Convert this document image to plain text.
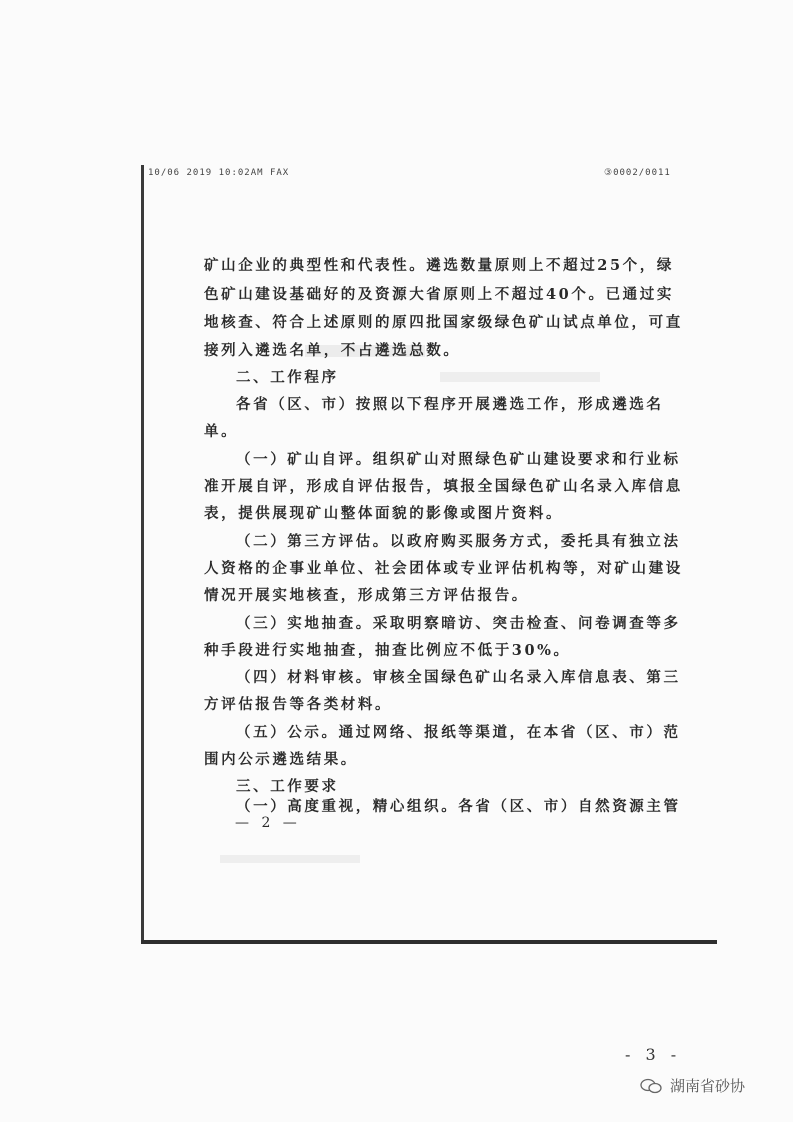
10/06 2019 10:02AM FAX	③0002/0011
矿山企业的典型性和代表性。遴选数量原则上不超过25个，绿
色矿山建设基础好的及资源大省原则上不超过40个。已通过实
地核查、符合上述原则的原四批国家级绿色矿山试点单位，可直
接列入遴选名单，不占遴选总数。
二、工作程序
各省（区、市）按照以下程序开展遴选工作，形成遴选名
单。
（一）矿山自评。组织矿山对照绿色矿山建设要求和行业标
准开展自评，形成自评估报告，填报全国绿色矿山名录入库信息
表，提供展现矿山整体面貌的影像或图片资料。
（二）第三方评估。以政府购买服务方式，委托具有独立法
人资格的企事业单位、社会团体或专业评估机构等，对矿山建设
情况开展实地核查，形成第三方评估报告。
（三）实地抽查。采取明察暗访、突击检查、问卷调查等多
种手段进行实地抽查，抽查比例应不低于30%。
（四）材料审核。审核全国绿色矿山名录入库信息表、第三
方评估报告等各类材料。
（五）公示。通过网络、报纸等渠道，在本省（区、市）范
围内公示遴选结果。
三、工作要求
（一）高度重视，精心组织。各省（区、市）自然资源主管
— 2 —
- 3 -
湖南省砂协
